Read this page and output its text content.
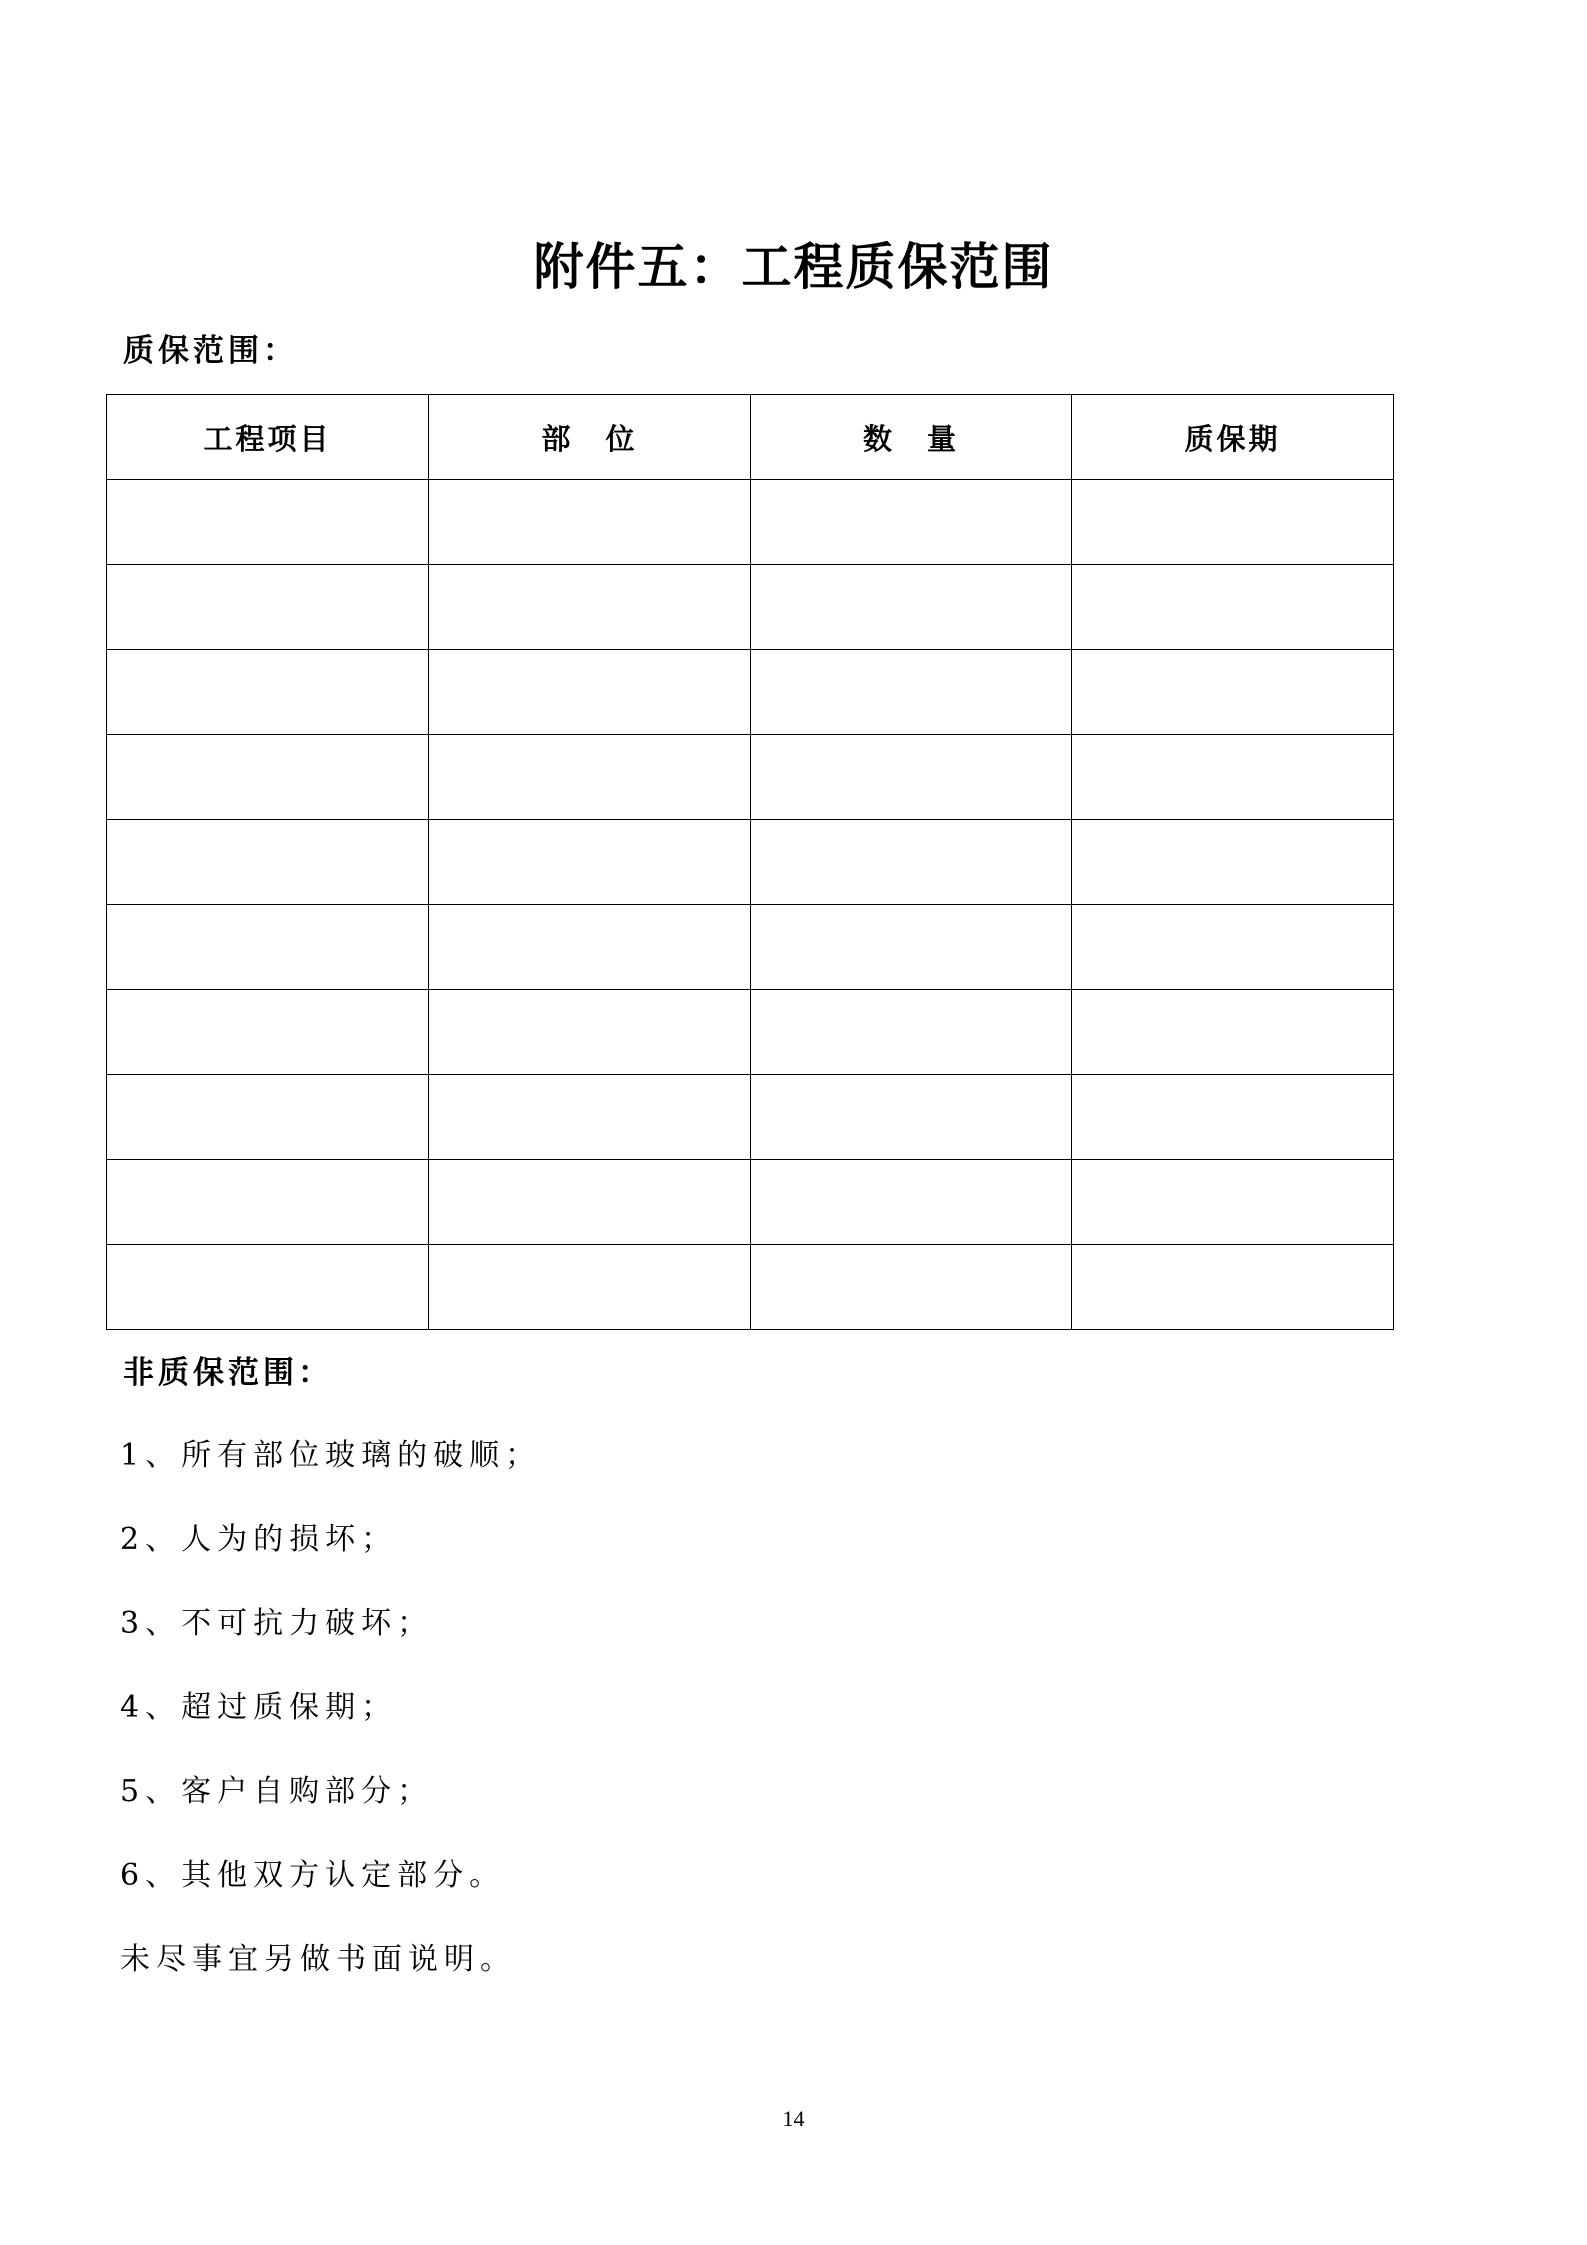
附件五：工程质保范围
质保范围：
工程项目	部　位	数　量	质保期

非质保范围：
1、所有部位玻璃的破顺；
2、人为的损坏；
3、不可抗力破坏；
4、超过质保期；
5、客户自购部分；
6、其他双方认定部分。
未尽事宜另做书面说明。
14
